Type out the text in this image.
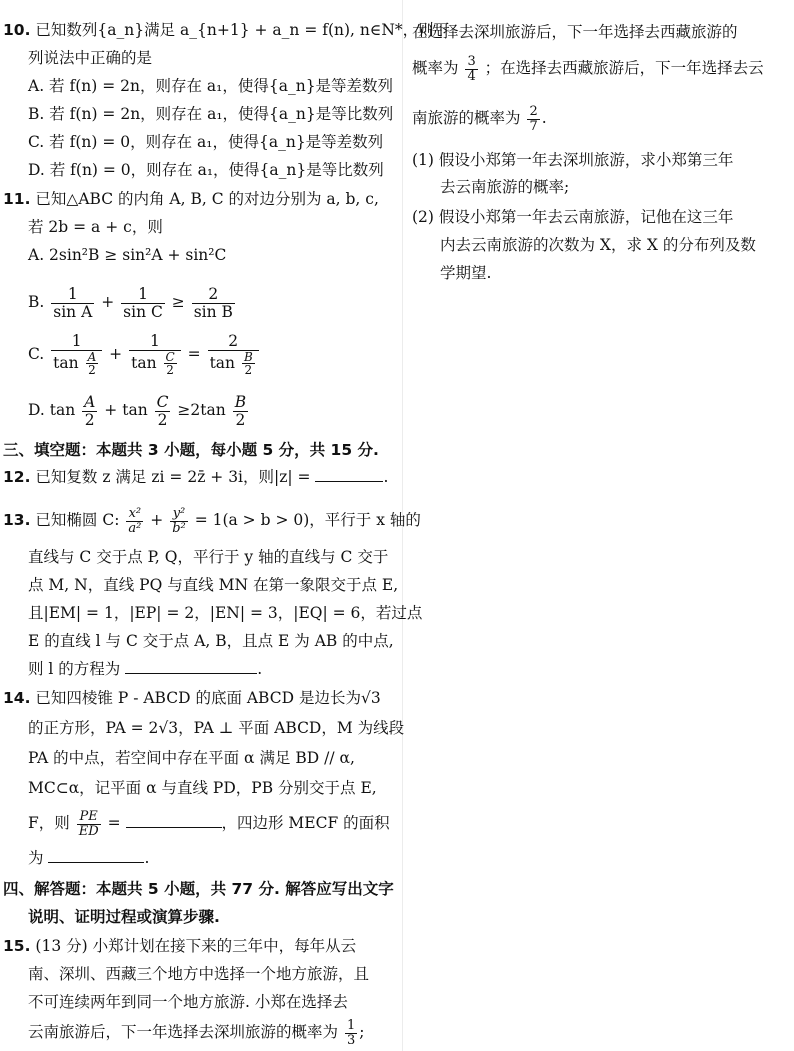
10. 已知数列{a_n}满足 a_{n+1} + a_n = f(n), n∈N*，则下
列说法中正确的是
A. 若 f(n) = 2n，则存在 a₁，使得{a_n}是等差数列
B. 若 f(n) = 2n，则存在 a₁，使得{a_n}是等比数列
C. 若 f(n) = 0，则存在 a₁，使得{a_n}是等差数列
D. 若 f(n) = 0，则存在 a₁，使得{a_n}是等比数列
11. 已知△ABC 的内角 A, B, C 的对边分别为 a, b, c,
若 2b = a + c，则
A. 2sin²B ≥ sin²A + sin²C
B. $\frac{1}{\text{sin A}} + \frac{1}{\text{sin C}} \ge \frac{2}{\text{sin B}}$
C. $\frac{1}{\tan \frac{A}{2}} + \frac{1}{\tan \frac{C}{2}} = \frac{2}{\tan \frac{B}{2}}$
D. $\tan \frac{A}{2} + \tan \frac{C}{2} \ge 2\tan \frac{B}{2}$
三、填空题：本题共 3 小题，每小题 5 分，共 15 分.
12. 已知复数 z 满足 zi = 2z̄ + 3i，则|z| =	.
13. 已知椭圆 C: $\frac{\text{x²}}{\text{a²}} + \frac{\text{y²}}{\text{b²}} = 1(a > b > 0)$，平行于 x 轴的
直线与 C 交于点 P, Q，平行于 y 轴的直线与 C 交于
点 M, N，直线 PQ 与直线 MN 在第一象限交于点 E,
且|EM| = 1，|EP| = 2，|EN| = 3，|EQ| = 6，若过点
E 的直线 l 与 C 交于点 A, B，且点 E 为 AB 的中点,
则 l 的方程为	.
14. 已知四棱锥 P - ABCD 的底面 ABCD 是边长为√3
的正方形，PA = 2√3，PA ⊥ 平面 ABCD，M 为线段
PA 的中点，若空间中存在平面 α 满足 BD // α,
MC⊂α，记平面 α 与直线 PD，PB 分别交于点 E,
F，则 $\frac{PE}{ED}$ =	，四边形 MECF 的面积
为	.
四、解答题：本题共 5 小题，共 77 分. 解答应写出文字
说明、证明过程或演算步骤.
15. (13 分) 小郑计划在接下来的三年中，每年从云
南、深圳、西藏三个地方中选择一个地方旅游，且
不可连续两年到同一个地方旅游. 小郑在选择去
云南旅游后，下一年选择去深圳旅游的概率为 $\frac{1}{3}$ ;
在选择去深圳旅游后，下一年选择去西藏旅游的
概率为 $\frac{3}{4}$ ；在选择去西藏旅游后，下一年选择去云
南旅游的概率为 $\frac{2}{7}$ .
(1) 假设小郑第一年去深圳旅游，求小郑第三年
去云南旅游的概率;
(2) 假设小郑第一年去云南旅游，记他在这三年
内去云南旅游的次数为 X，求 X 的分布列及数
学期望.
